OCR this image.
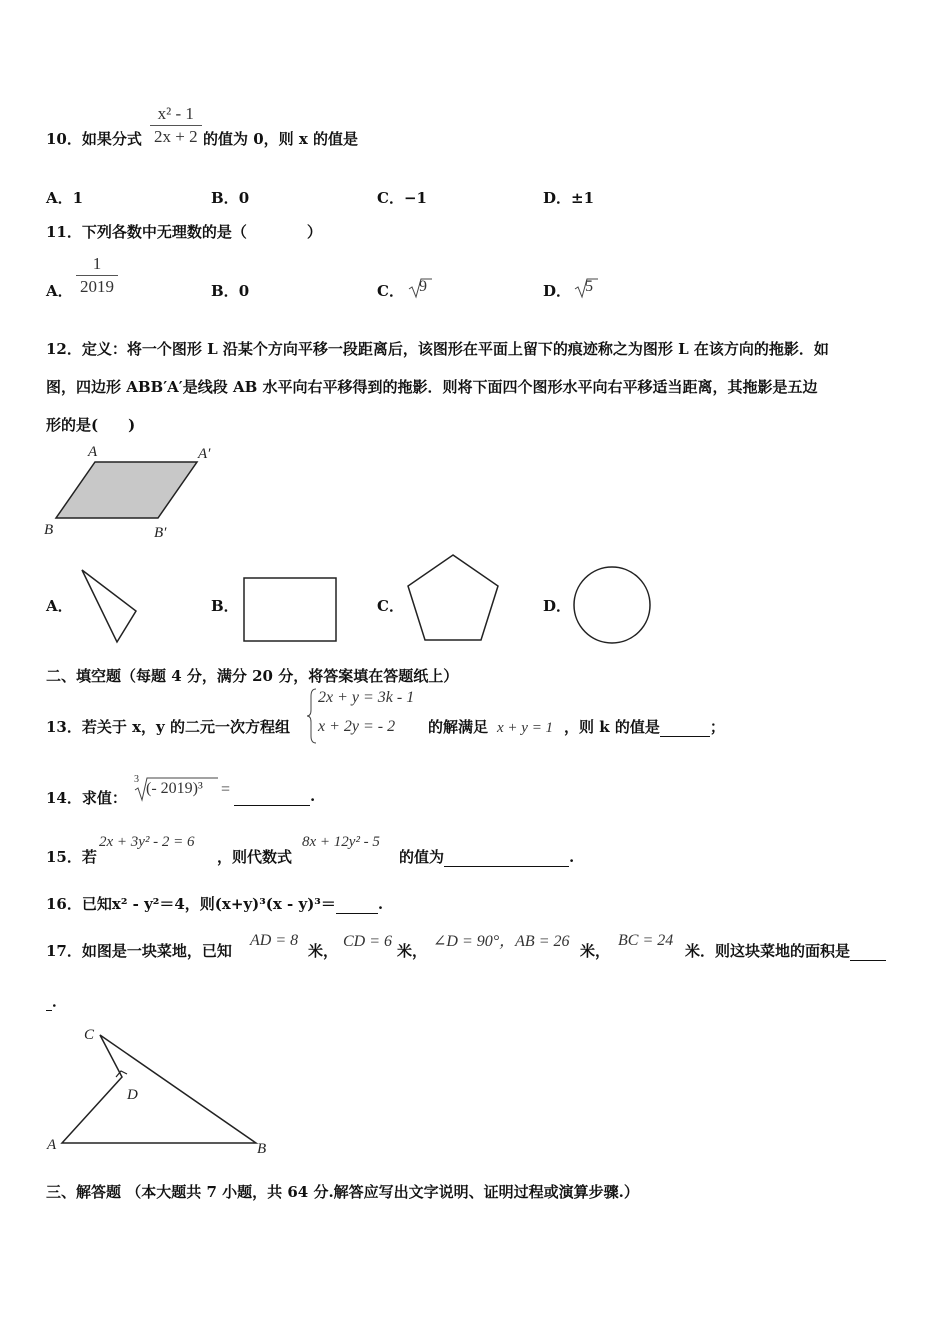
10．如果分式 $\frac{\text{x² - 1}}{2x + 2}$ 的值为 0，则 x 的值是
A．1	B．0	C．−1	D．±1
11．下列各数中无理数的是（　　　　）
A． $\frac{1}{2019}$	B．0	C． 9	D． 5
12．定义：将一个图形 L 沿某个方向平移一段距离后，该图形在平面上留下的痕迹称之为图形 L 在该方向的拖影．如
图，四边形 ABB′A′是线段 AB 水平向右平移得到的拖影．则将下面四个图形水平向右平移适当距离，其拖影是五边
形的是(　　)
A	A′
B	B′
A．	B．	C．	D．
二、填空题（每题 4 分，满分 20 分，将答案填在答题纸上）
13．若关于 x，y 的二元一次方程组
2x + y = 3k - 1
x + 2y = - 2 的解满足 x + y = 1 ，则 k 的值是	；
14．求值：
3
(- 2019)³ =	.
15．若
2x + 3y² - 2 = 6
，则代数式
8x + 12y² - 5
的值为	.
16．已知x² - y²＝4，则(x+y)³(x - y)³＝	.
17．如图是一块菜地，已知
AD = 8
米，
CD = 6
米，
∠D = 90°，AB = 26
米，
BC = 24
米．则这块菜地的面积是
．
C
D
A	B
三、解答题 （本大题共 7 小题，共 64 分.解答应写出文字说明、证明过程或演算步骤.）
